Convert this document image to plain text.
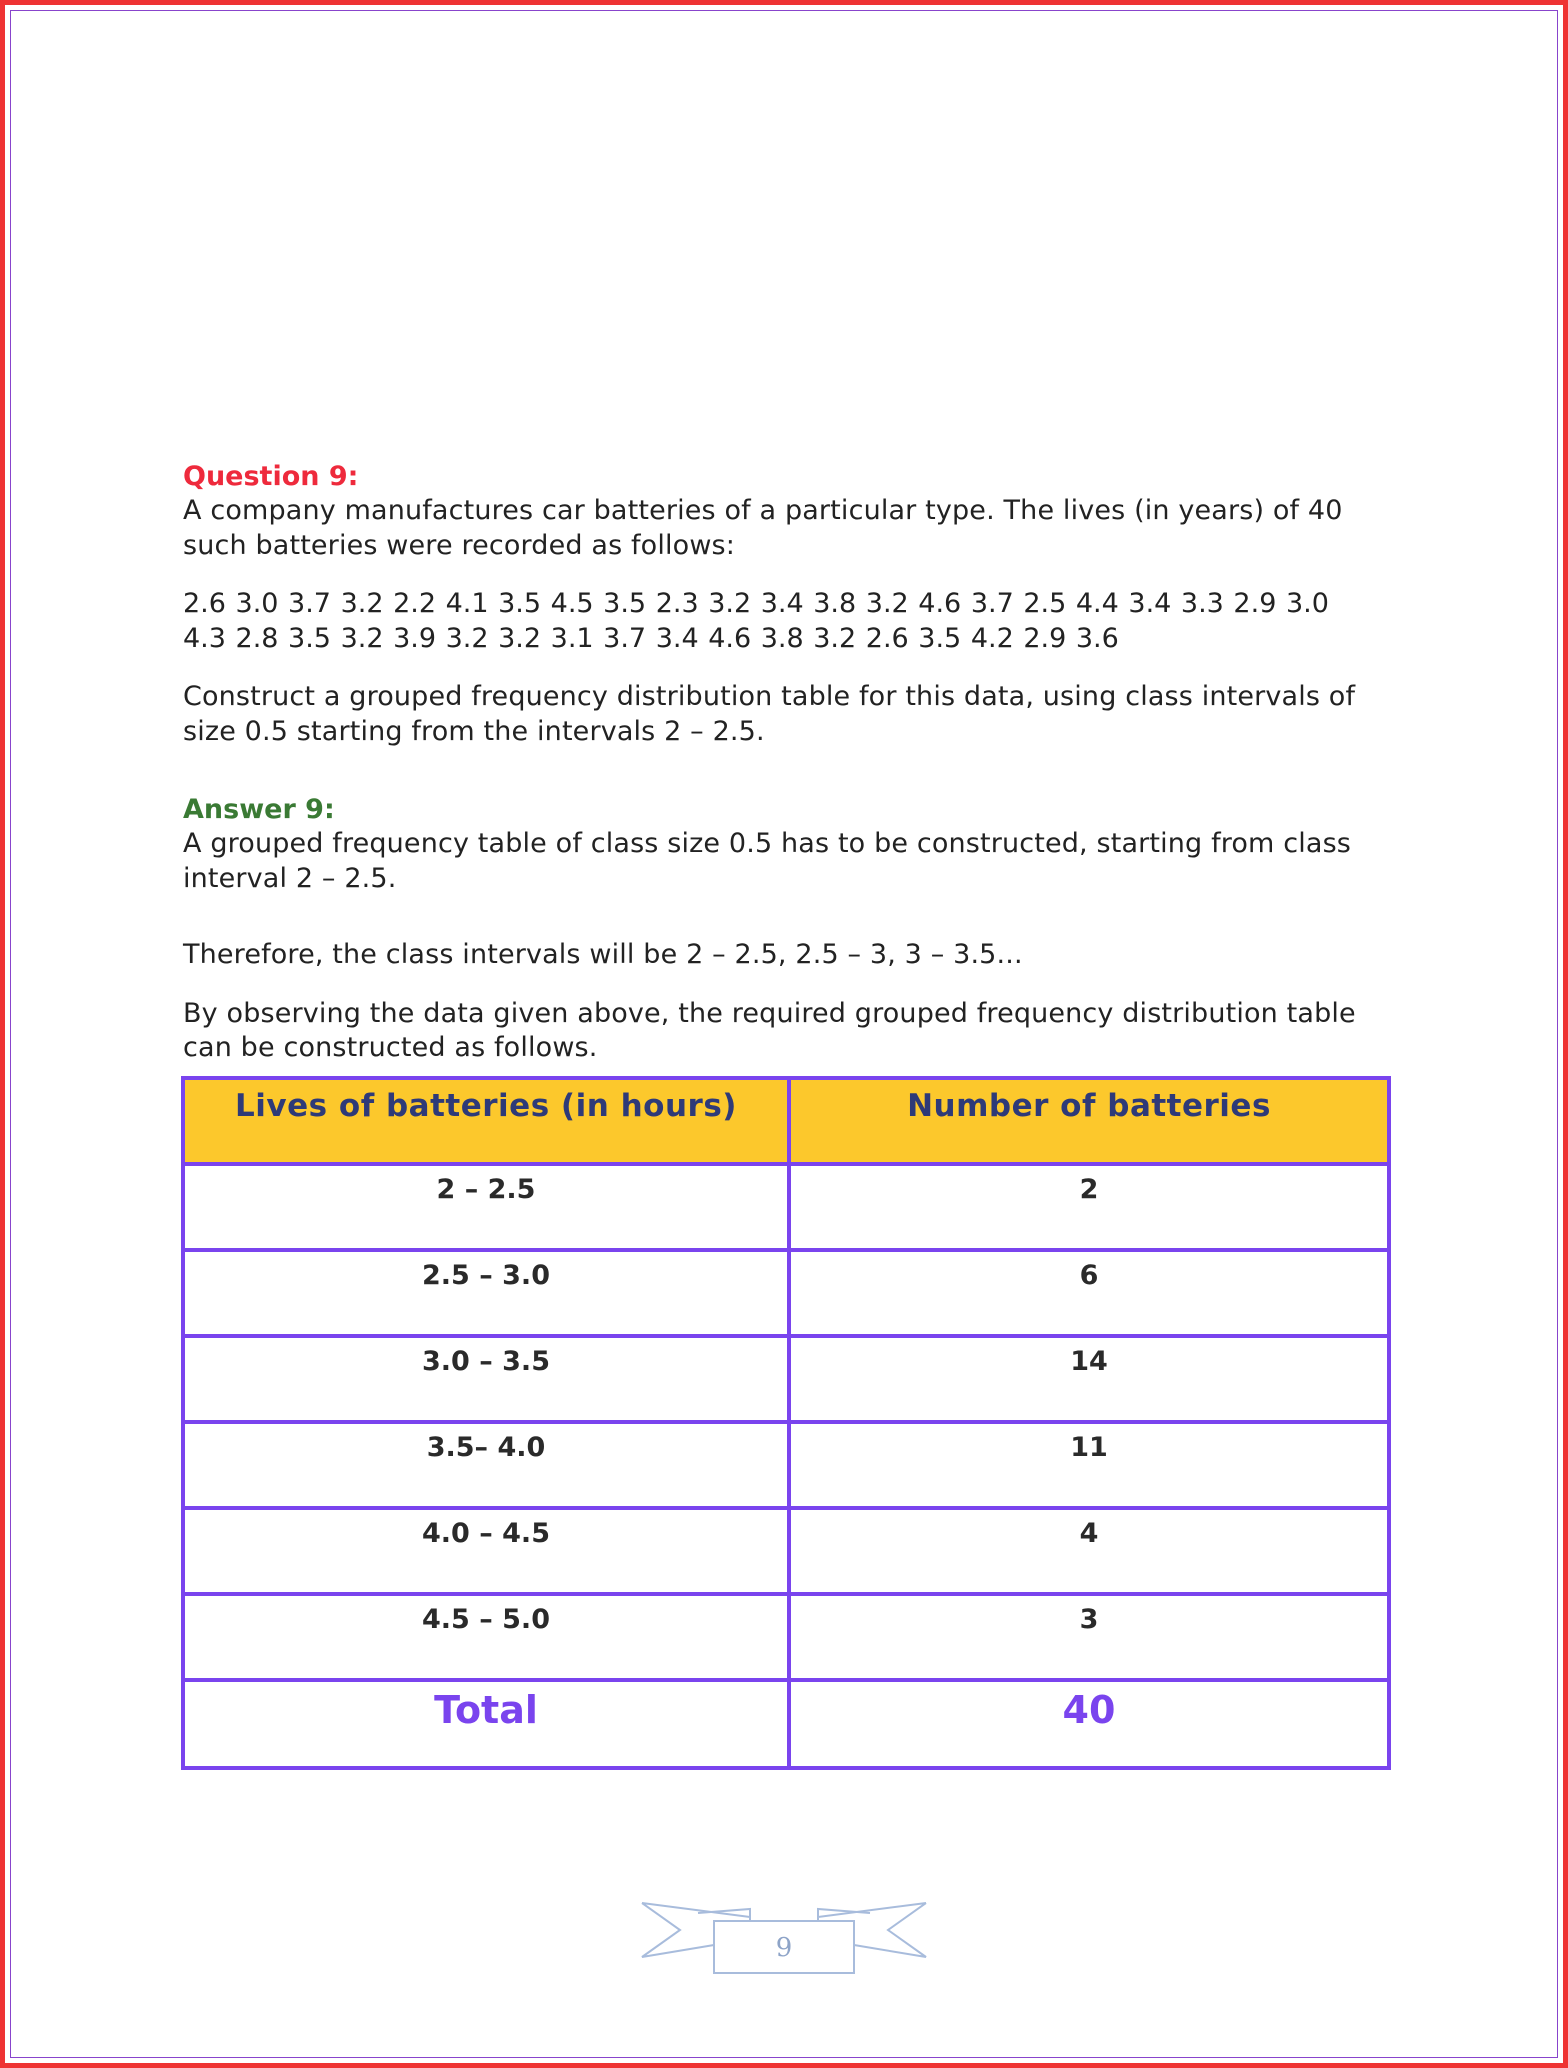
Question 9:

A company manufactures car batteries of a particular type. The lives (in years) of 40

such batteries were recorded as follows:

2.6 3.0 3.7 3.2 2.2 4.1 3.5 4.5 3.5 2.3 3.2 3.4 3.8 3.2 4.6 3.7 2.5 4.4 3.4 3.3 2.9 3.0

4.3 2.8 3.5 3.2 3.9 3.2 3.2 3.1 3.7 3.4 4.6 3.8 3.2 2.6 3.5 4.2 2.9 3.6

Construct a grouped frequency distribution table for this data, using class intervals of

size 0.5 starting from the intervals 2 – 2.5.

Answer 9:

A grouped frequency table of class size 0.5 has to be constructed, starting from class

interval 2 – 2.5.

Therefore, the class intervals will be 2 – 2.5, 2.5 – 3, 3 – 3.5...

By observing the data given above, the required grouped frequency distribution table

can be constructed as follows.

Lives of batteries (in hours)	Number of batteries
2 – 2.5	2
2.5 – 3.0	6
3.0 – 3.5	14
3.5– 4.0	11
4.0 – 4.5	4
4.5 – 5.0	3
Total	40
9
